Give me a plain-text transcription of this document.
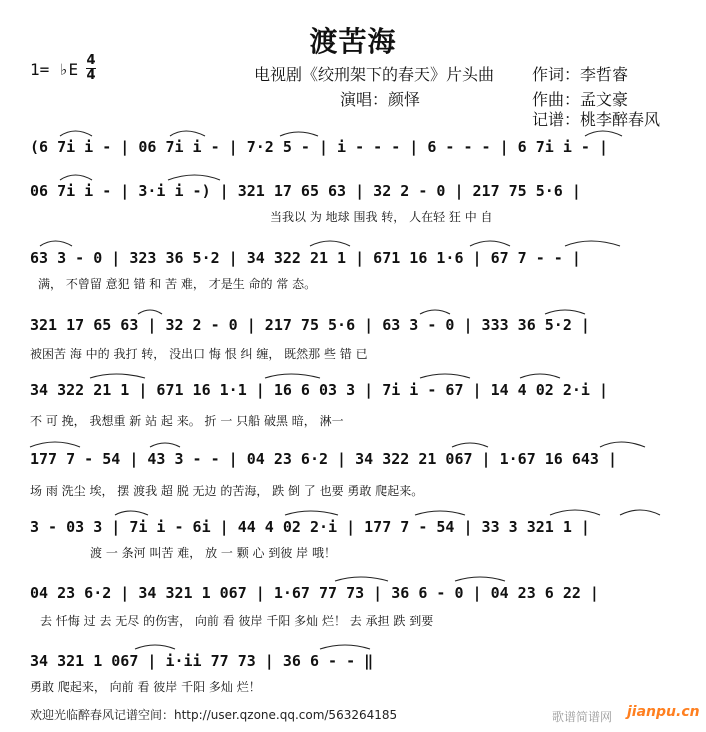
渡苦海
1= ♭E 4
4	电视剧《绞刑架下的春天》片头曲 作词：李哲睿
演唱：颜怿	作曲：孟文豪
记谱：桃李醉春风
(6 7i i - | 06 7i i - | 7·2 5 - | i - - - | 6 - - - | 6 7i i - |
06 7i i - | 3·i i -) | 321 17 65 63 | 32 2 - 0 | 217 75 5·6 |
当我以 为 地球 围我 转， 人在轻 狂 中 自
63 3 - 0 | 323 36 5·2 | 34 322 21 1 | 671 16 1·6 | 67 7 - - |
满， 不曾留 意犯 错 和 苦 难， 才是生 命的 常 态。
321 17 65 63 | 32 2 - 0 | 217 75 5·6 | 63 3 - 0 | 333 36 5·2 |
被困苦 海 中的 我打 转， 没出口 悔 恨 纠 缠， 既然那 些 错 已
34 322 21 1 | 671 16 1·1 | 16 6 03 3 | 7i i - 67 | 14 4 02 2·i |
不 可 挽， 我想重 新 站 起 来。 折 一 只船 破黑 暗， 淋一
177 7 - 54 | 43 3 - - | 04 23 6·2 | 34 322 21 067 | 1·67 16 643 |
场 雨 洗尘 埃， 摆 渡我 超 脱 无边 的苦海， 跌 倒 了 也要 勇敢 爬起来。
3 - 03 3 | 7i i - 6i | 44 4 02 2·i | 177 7 - 54 | 33 3 321 1 |
渡 一 条河 叫苦 难， 放 一 颗 心 到彼 岸 哦！
04 23 6·2 | 34 321 1 067 | 1·67 77 73 | 36 6 - 0 | 04 23 6 22 |
去 忏悔 过 去 无尽 的伤害， 向前 看 彼岸 千阳 多灿 烂！ 去 承担 跌 到要
34 321 1 067 | i·ii 77 73 | 36 6 - - ‖
勇敢 爬起来， 向前 看 彼岸 千阳 多灿 烂！
欢迎光临醉春风记谱空间：http://user.qzone.qq.com/563264185	歌谱简谱网 jianpu.cn
